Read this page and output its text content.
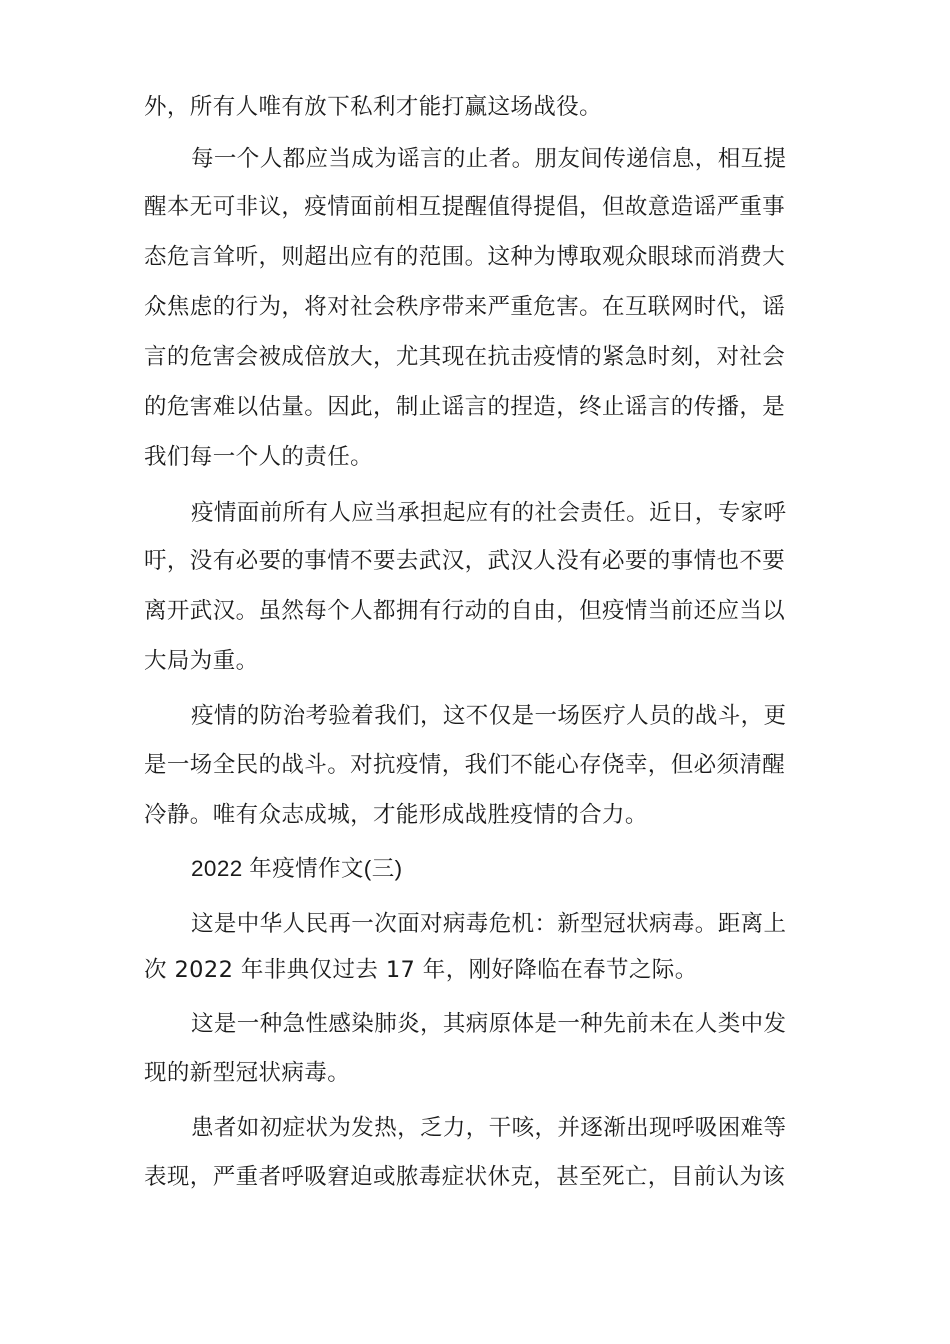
外，所有人唯有放下私利才能打赢这场战役。
每一个人都应当成为谣言的止者。朋友间传递信息，相互提
醒本无可非议，疫情面前相互提醒值得提倡，但故意造谣严重事
态危言耸听，则超出应有的范围。这种为博取观众眼球而消费大
众焦虑的行为，将对社会秩序带来严重危害。在互联网时代，谣
言的危害会被成倍放大，尤其现在抗击疫情的紧急时刻，对社会
的危害难以估量。因此，制止谣言的捏造，终止谣言的传播，是
我们每一个人的责任。
疫情面前所有人应当承担起应有的社会责任。近日，专家呼
吁，没有必要的事情不要去武汉，武汉人没有必要的事情也不要
离开武汉。虽然每个人都拥有行动的自由，但疫情当前还应当以
大局为重。
疫情的防治考验着我们，这不仅是一场医疗人员的战斗，更
是一场全民的战斗。对抗疫情，我们不能心存侥幸，但必须清醒
冷静。唯有众志成城，才能形成战胜疫情的合力。
2022 年疫情作文(三)
这是中华人民再一次面对病毒危机：新型冠状病毒。距离上
次 2022 年非典仅过去 17 年，刚好降临在春节之际。
这是一种急性感染肺炎，其病原体是一种先前未在人类中发
现的新型冠状病毒。
患者如初症状为发热，乏力，干咳，并逐渐出现呼吸困难等
表现，严重者呼吸窘迫或脓毒症状休克，甚至死亡，目前认为该
